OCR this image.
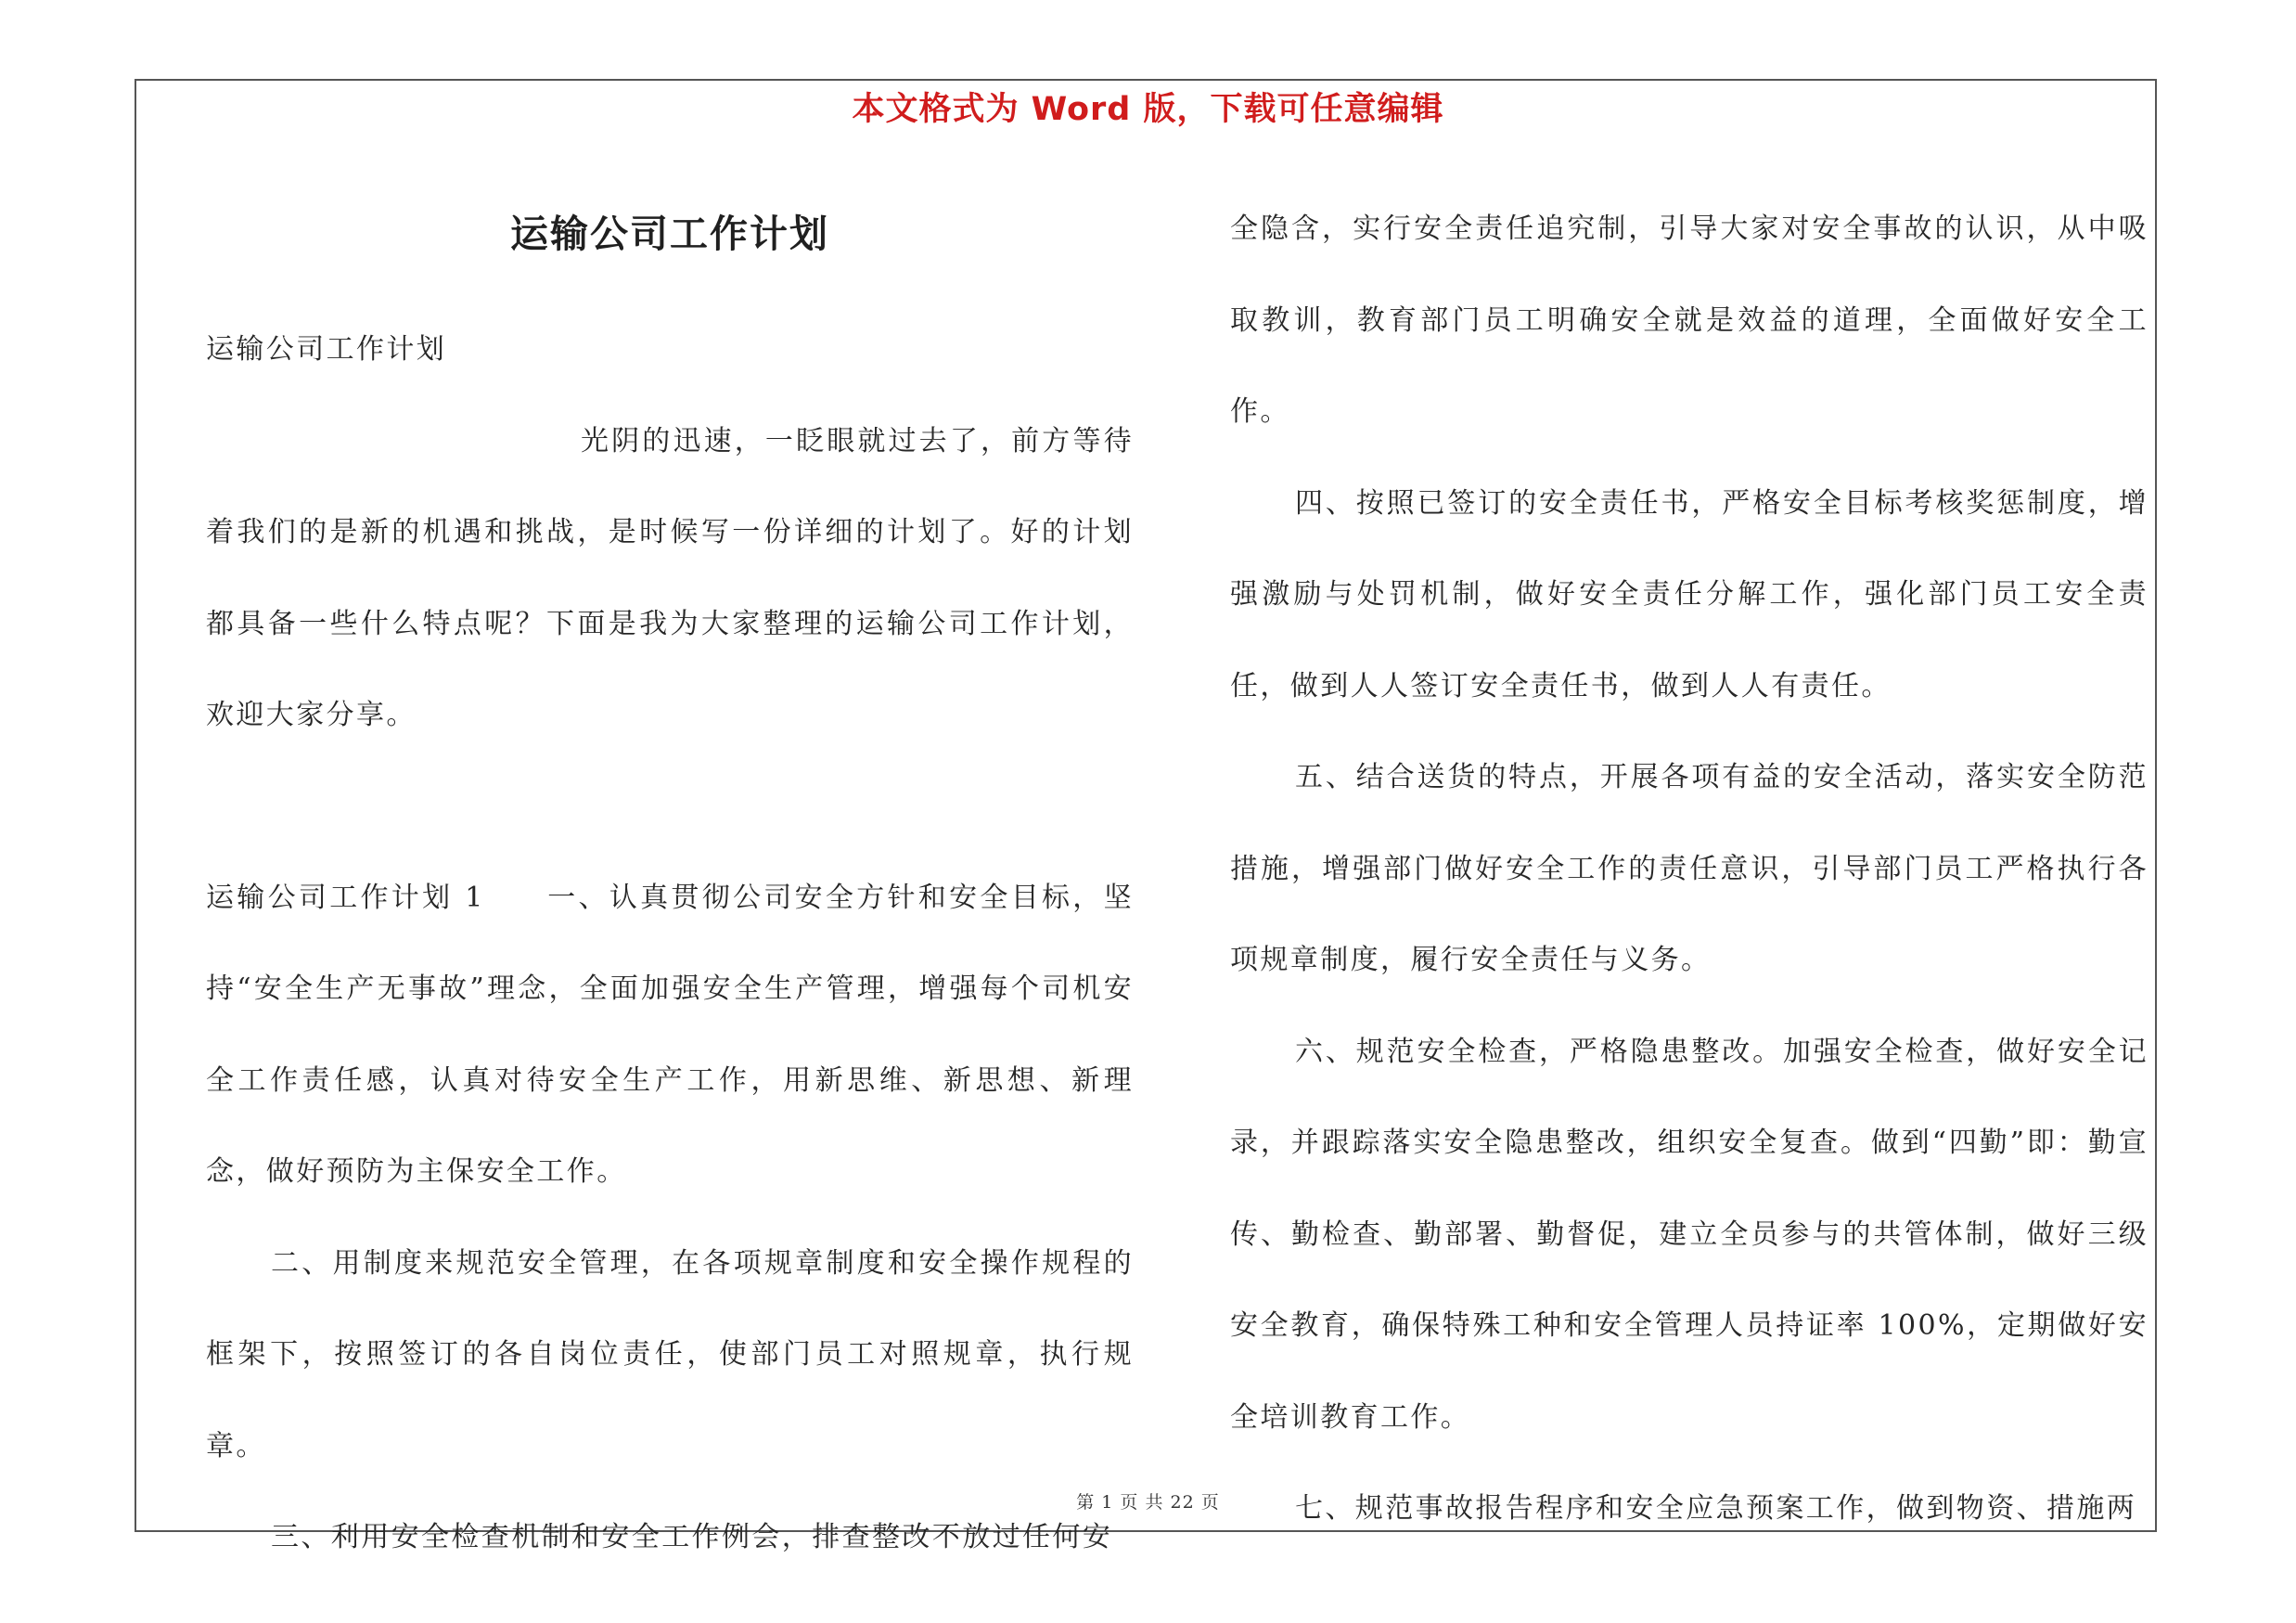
本文格式为 Word 版，下载可任意编辑
运输公司工作计划

运输公司工作计划

光阴的迅速，一眨眼就过去了，前方等待着我们的是新的机遇和挑战，是时候写一份详细的计划了。好的计划都具备一些什么特点呢？下面是我为大家整理的运输公司工作计划，欢迎大家分享。

运输公司工作计划 1　　一、认真贯彻公司安全方针和安全目标，坚持“安全生产无事故”理念，全面加强安全生产管理，增强每个司机安全工作责任感，认真对待安全生产工作，用新思维、新思想、新理念，做好预防为主保安全工作。

二、用制度来规范安全管理，在各项规章制度和安全操作规程的框架下，按照签订的各自岗位责任，使部门员工对照规章，执行规章。

三、利用安全检查机制和安全工作例会，排查整改不放过任何安

全隐含，实行安全责任追究制，引导大家对安全事故的认识，从中吸取教训，教育部门员工明确安全就是效益的道理，全面做好安全工作。

四、按照已签订的安全责任书，严格安全目标考核奖惩制度，增强激励与处罚机制，做好安全责任分解工作，强化部门员工安全责任，做到人人签订安全责任书，做到人人有责任。

五、结合送货的特点，开展各项有益的安全活动，落实安全防范措施，增强部门做好安全工作的责任意识，引导部门员工严格执行各项规章制度，履行安全责任与义务。

六、规范安全检查，严格隐患整改。加强安全检查，做好安全记录，并跟踪落实安全隐患整改，组织安全复查。做到“四勤”即：勤宣传、勤检查、勤部署、勤督促，建立全员参与的共管体制，做好三级安全教育，确保特殊工种和安全管理人员持证率 100%，定期做好安全培训教育工作。

七、规范事故报告程序和安全应急预案工作，做到物资、措施两

第 1 页 共 22 页
